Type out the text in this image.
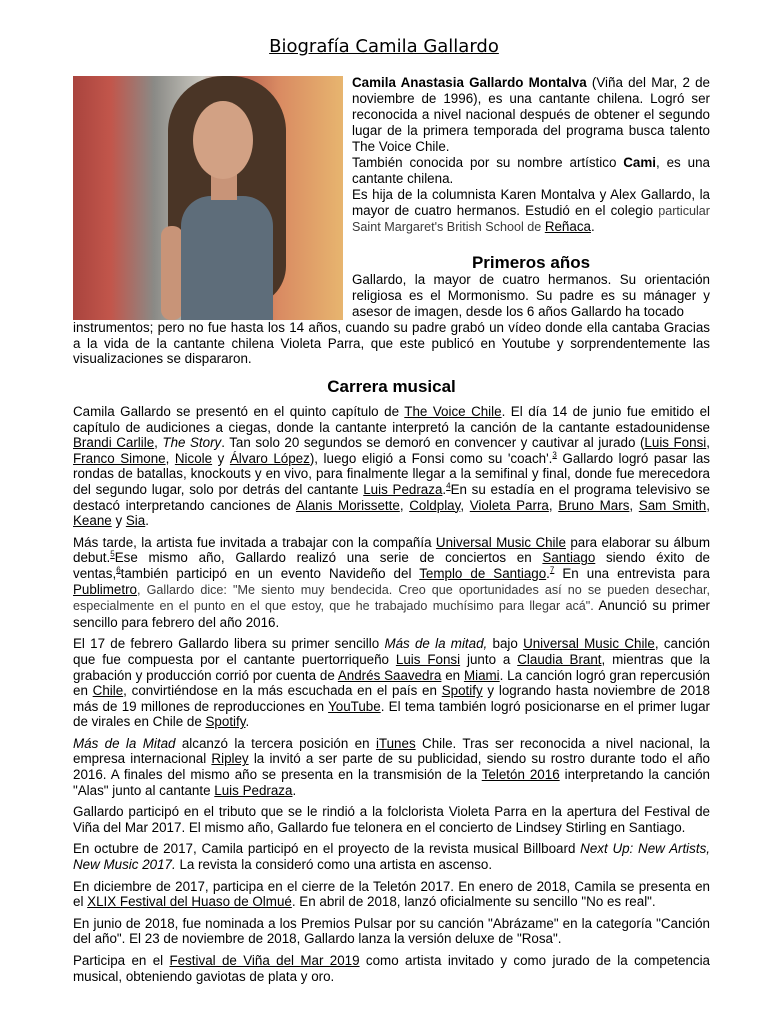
Biografía Camila Gallardo

Camila Anastasia Gallardo Montalva (Viña del Mar, 2 de noviembre de 1996), es una cantante chilena. Logró ser reconocida a nivel nacional después de obtener el segundo lugar de la primera temporada del programa busca talento The Voice Chile.

También conocida por su nombre artístico Cami, es una cantante chilena.

Es hija de la columnista Karen Montalva y Alex Gallardo, la mayor de cuatro hermanos. Estudió en el colegio particular Saint Margaret's British School de Reñaca.

Primeros años
Gallardo, la mayor de cuatro hermanos. Su orientación religiosa es el Mormonismo. Su padre es su mánager y asesor de imagen, desde los 6 años Gallardo ha tocado
instrumentos; pero no fue hasta los 14 años, cuando su padre grabó un vídeo donde ella cantaba Gracias a la vida de la cantante chilena Violeta Parra, que este publicó en Youtube y sorprendentemente las visualizaciones se dispararon.
Carrera musical

Camila Gallardo se presentó en el quinto capítulo de The Voice Chile. El día 14 de junio fue emitido el capítulo de audiciones a ciegas, donde la cantante interpretó la canción de la cantante estadounidense Brandi Carlile, The Story. Tan solo 20 segundos se demoró en convencer y cautivar al jurado (Luis Fonsi, Franco Simone, Nicole y Álvaro López), luego eligió a Fonsi como su 'coach'.$^3$ Gallardo logró pasar las rondas de batallas, knockouts y en vivo, para finalmente llegar a la semifinal y final, donde fue merecedora del segundo lugar, solo por detrás del cantante Luis Pedraza.$^4$En su estadía en el programa televisivo se destacó interpretando canciones de Alanis Morissette, Coldplay, Violeta Parra, Bruno Mars, Sam Smith, Keane y Sia.

Más tarde, la artista fue invitada a trabajar con la compañía Universal Music Chile para elaborar su álbum debut.$^5$Ese mismo año, Gallardo realizó una serie de conciertos en Santiago siendo éxito de ventas,$^6$también participó en un evento Navideño del Templo de Santiago.$^7$ En una entrevista para Publimetro, Gallardo dice: "Me siento muy bendecida. Creo que oportunidades así no se pueden desechar, especialmente en el punto en el que estoy, que he trabajado muchísimo para llegar acá". Anunció su primer sencillo para febrero del año 2016.

El 17 de febrero Gallardo libera su primer sencillo Más de la mitad, bajo Universal Music Chile, canción que fue compuesta por el cantante puertorriqueño Luis Fonsi junto a Claudia Brant, mientras que la grabación y producción corrió por cuenta de Andrés Saavedra en Miami. La canción logró gran repercusión en Chile, convirtiéndose en la más escuchada en el país en Spotify y logrando hasta noviembre de 2018 más de 19 millones de reproducciones en YouTube. El tema también logró posicionarse en el primer lugar de virales en Chile de Spotify.

Más de la Mitad alcanzó la tercera posición en iTunes Chile. Tras ser reconocida a nivel nacional, la empresa internacional Ripley la invitó a ser parte de su publicidad, siendo su rostro durante todo el año 2016. A finales del mismo año se presenta en la transmisión de la Teletón 2016 interpretando la canción "Alas" junto al cantante Luis Pedraza.

Gallardo participó en el tributo que se le rindió a la folclorista Violeta Parra en la apertura del Festival de Viña del Mar 2017. El mismo año, Gallardo fue telonera en el concierto de Lindsey Stirling en Santiago.

En octubre de 2017, Camila participó en el proyecto de la revista musical Billboard Next Up: New Artists, New Music 2017. La revista la consideró como una artista en ascenso.

En diciembre de 2017, participa en el cierre de la Teletón 2017. En enero de 2018, Camila se presenta en el XLIX Festival del Huaso de Olmué. En abril de 2018, lanzó oficialmente su sencillo "No es real".

En junio de 2018, fue nominada a los Premios Pulsar por su canción "Abrázame" en la categoría "Canción del año". El 23 de noviembre de 2018, Gallardo lanza la versión deluxe de "Rosa".

Participa en el Festival de Viña del Mar 2019 como artista invitado y como jurado de la competencia musical, obteniendo gaviotas de plata y oro.
